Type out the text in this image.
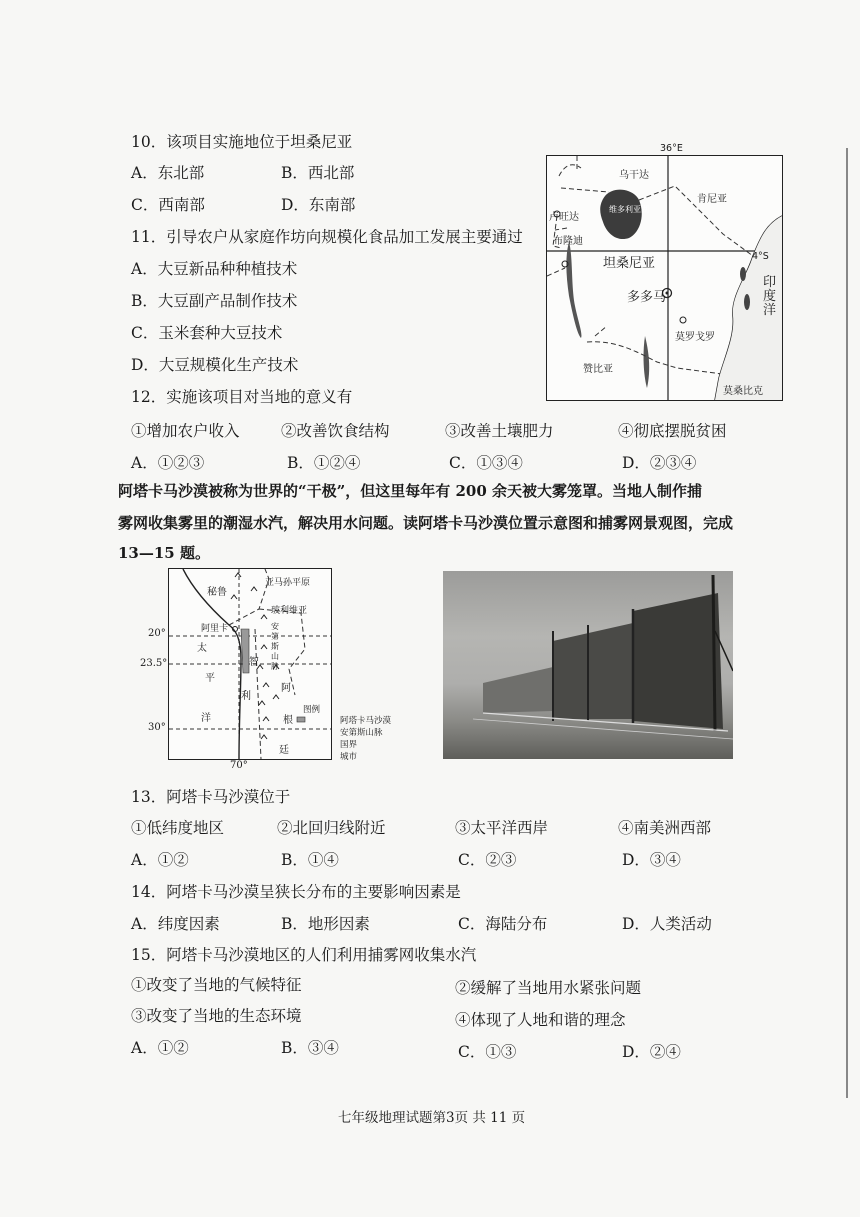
10．该项目实施地位于坦桑尼亚
A．东北部	B．西北部
C．西南部	D．东南部
11．引导农户从家庭作坊向规模化食品加工发展主要通过
A．大豆新品种种植技术
B．大豆副产品制作技术
C．玉米套种大豆技术
D．大豆规模化生产技术
12．实施该项目对当地的意义有
①增加农户收入	②改善饮食结构	③改善土壤肥力	④彻底摆脱贫困
A．①②③	B．①②④	C．①③④	D．②③④
乌干达
肯尼亚
卢旺达
布隆迪
维多利亚湖
坦桑尼亚
多多马
莫罗戈罗
赞比亚
莫桑比克
印度洋
36°E
4°S
阿塔卡马沙漠被称为世界的“干极”，但这里每年有 200 余天被大雾笼罩。当地人制作捕
雾网收集雾里的潮湿水汽，解决用水问题。读阿塔卡马沙漠位置示意图和捕雾网景观图，完成
13—15 题。
秘鲁
亚马孙平原
玻利维亚
阿里卡
太
平
洋
智
利
阿
根
廷
安
第
斯
山
脉
图例
20°
23.5°
30°
70°
阿塔卡马沙漠
安第斯山脉
国界
城市
13．阿塔卡马沙漠位于
①低纬度地区	②北回归线附近	③太平洋西岸	④南美洲西部
A．①②	B．①④	C．②③	D．③④
14．阿塔卡马沙漠呈狭长分布的主要影响因素是
A．纬度因素	B．地形因素	C．海陆分布	D．人类活动
15．阿塔卡马沙漠地区的人们利用捕雾网收集水汽
①改变了当地的气候特征	②缓解了当地用水紧张问题
③改变了当地的生态环境	④体现了人地和谐的理念
A．①②	B．③④	C．①③	D．②④
七年级地理试题第3页 共 11 页
